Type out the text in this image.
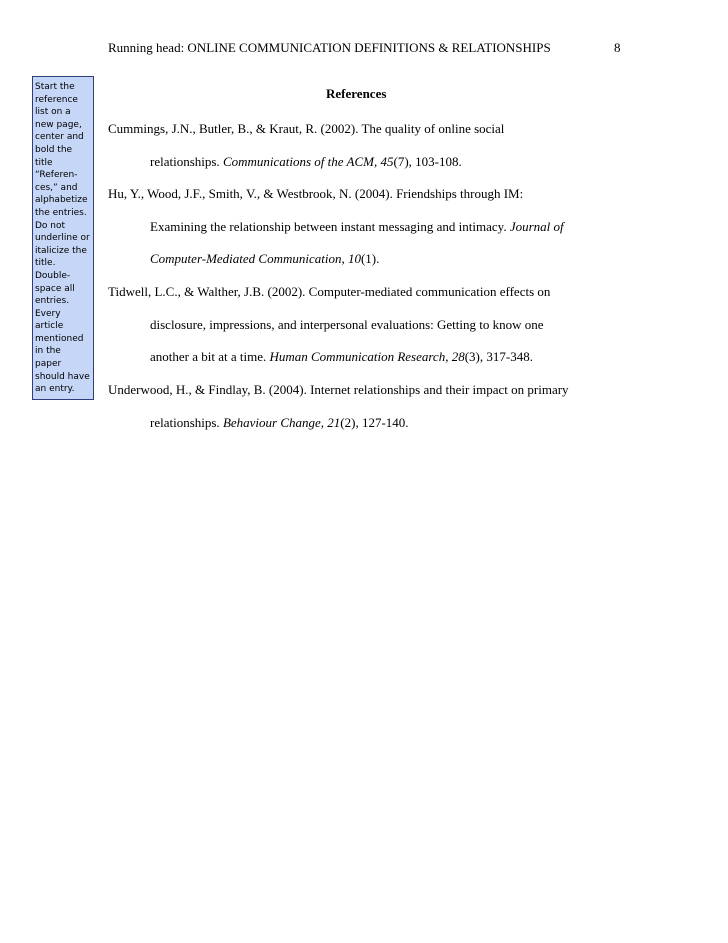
Running head: ONLINE COMMUNICATION DEFINITIONS & RELATIONSHIPS	8
Start the
reference
list on a
new page,
center and
bold the
title
“Referen-
ces,” and
alphabetize
the entries.
Do not
underline or
italicize the
title.
Double-
space all
entries.
Every
article
mentioned
in the
paper
should have
an entry.
References
Cummings, J.N., Butler, B., & Kraut, R. (2002). The quality of online social
relationships. Communications of the ACM, 45(7), 103-108.
Hu, Y., Wood, J.F., Smith, V., & Westbrook, N. (2004). Friendships through IM:
Examining the relationship between instant messaging and intimacy. Journal of
Computer-Mediated Communication, 10(1).
Tidwell, L.C., & Walther, J.B. (2002). Computer-mediated communication effects on
disclosure, impressions, and interpersonal evaluations: Getting to know one
another a bit at a time. Human Communication Research, 28(3), 317-348.
Underwood, H., & Findlay, B. (2004). Internet relationships and their impact on primary
relationships. Behaviour Change, 21(2), 127-140.
